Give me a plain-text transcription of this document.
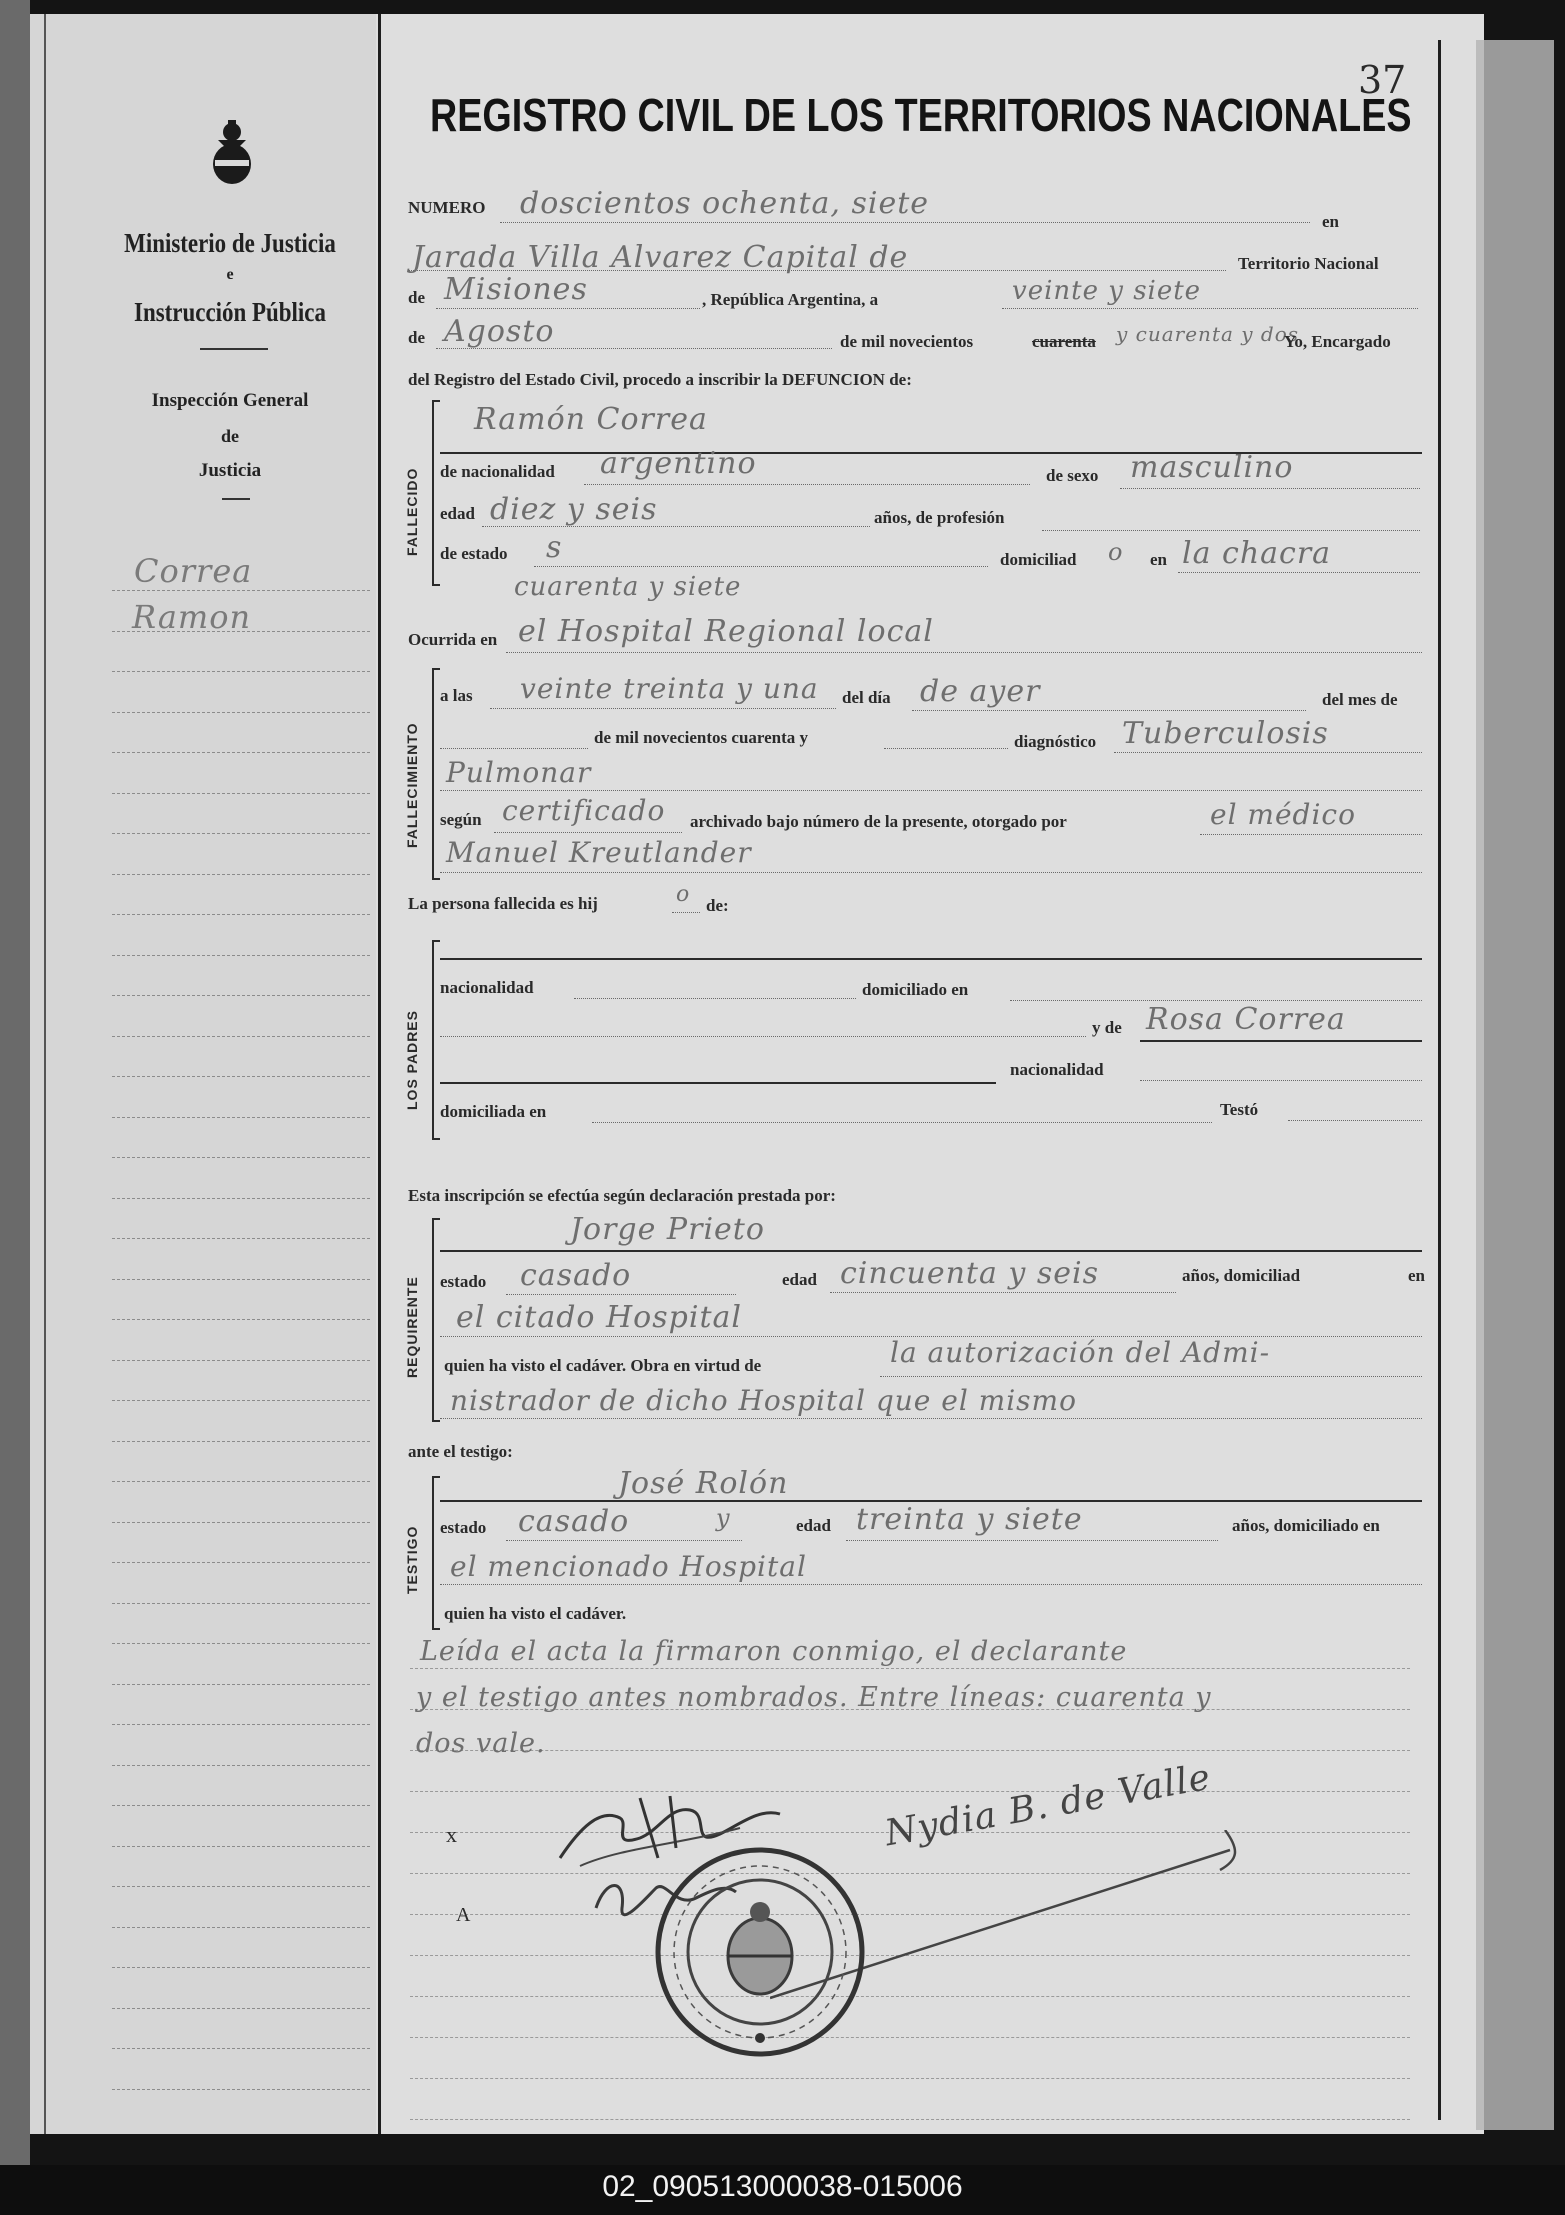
Ministerio de Justicia
e
Instrucción Pública
Inspección General
de
Justicia
Correa
Ramon
REGISTRO CIVIL DE LOS TERRITORIOS NACIONALES
37
NUMERO doscientos ochenta, siete
en
Jarada Villa Alvarez Capital de	Territorio Nacional
de Misiones	, República Argentina, a	veinte y siete
de Agosto	de mil novecientos	cuarenta y cuarenta y dos
Yo, Encargado
del Registro del Estado Civil, procedo a inscribir la DEFUNCION de:
FALLECIDO
Ramón Correa
de nacionalidad argentino	de sexo masculino
edad diez y seis	años, de profesión
de estado s	domiciliad o en la chacra
cuarenta y siete
Ocurrida en el Hospital Regional local
FALLECIMIENTO
a las veinte treinta y una del día de ayer	del mes de
de mil novecientos cuarenta y	diagnóstico Tuberculosis
Pulmonar
según certificado archivado bajo número de la presente, otorgado por	el médico
Manuel Kreutlander
La persona fallecida es hij	o de:
LOS PADRES
nacionalidad	domiciliado en
y de Rosa Correa
nacionalidad
domiciliada en	Testó
Esta inscripción se efectúa según declaración prestada por:
REQUIRENTE
Jorge Prieto
estado casado	edad cincuenta y seis	años, domiciliad	en
el citado Hospital
quien ha visto el cadáver. Obra en virtud de	la autorización del Admi-
nistrador de dicho Hospital que el mismo
ante el testigo:
TESTIGO
José Rolón
estado casado	y	edad treinta y siete	años, domiciliado en
el mencionado Hospital
quien ha visto el cadáver.
Leída el acta la firmaron conmigo, el declarante
y el testigo antes nombrados. Entre líneas: cuarenta y
dos vale.
x
A
Nydia B. de Valle
02_090513000038-015006
